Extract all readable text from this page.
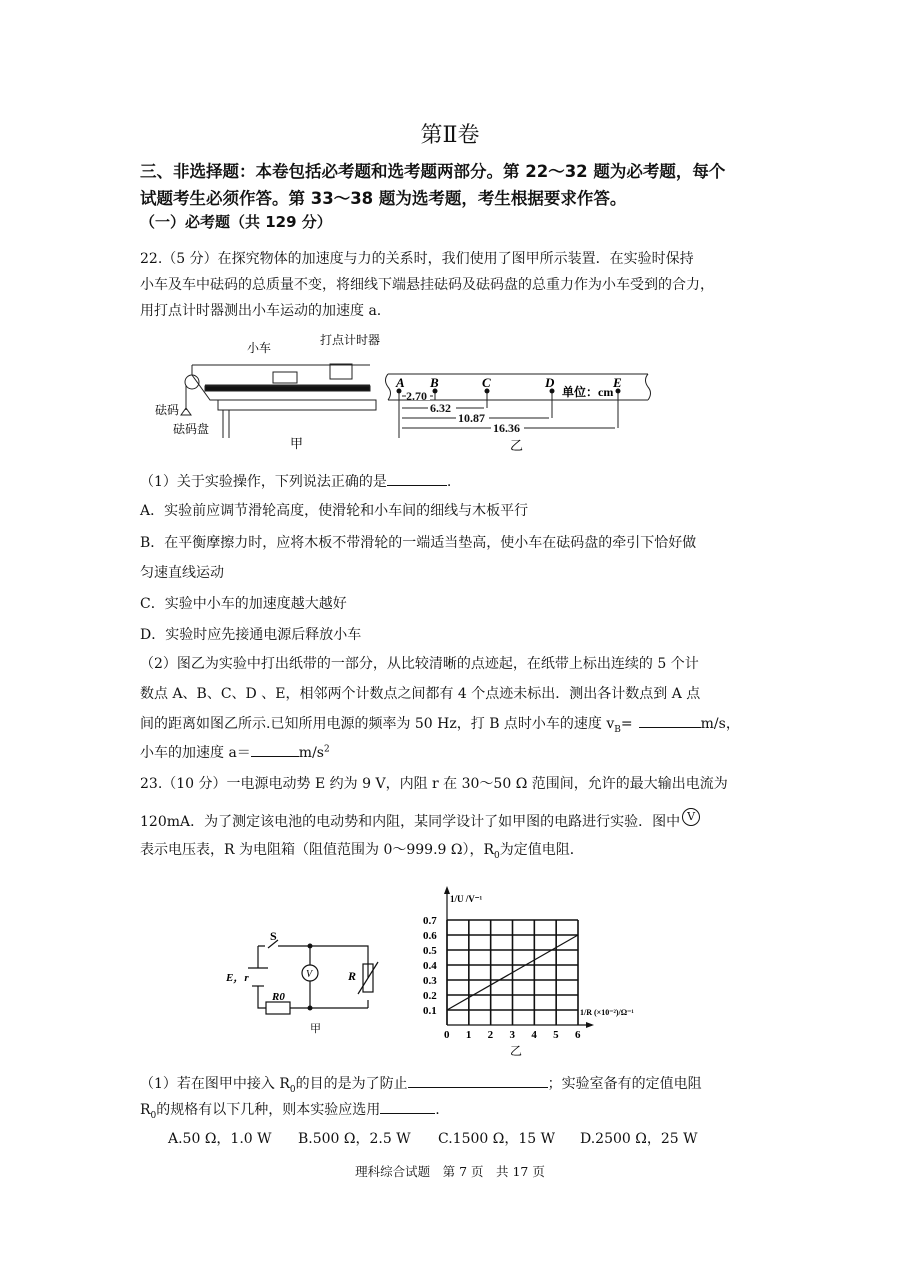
第Ⅱ卷
三、非选择题：本卷包括必考题和选考题两部分。第 22～32 题为必考题，每个
试题考生必须作答。第 33～38 题为选考题，考生根据要求作答。
（一）必考题（共 129 分）
22.（5 分）在探究物体的加速度与力的关系时，我们使用了图甲所示装置．在实验时保持
小车及车中砝码的总质量不变，将细线下端悬挂砝码及砝码盘的总重力作为小车受到的合力，
用打点计时器测出小车运动的加速度 a.
小车
打点计时器
砝码
砝码盘
甲
A B	C	D	E
单位：cm
2.70
6.32
10.87
16.36
乙
（1）关于实验操作，下列说法正确的是	.
A．实验前应调节滑轮高度，使滑轮和小车间的细线与木板平行
B．在平衡摩擦力时，应将木板不带滑轮的一端适当垫高，使小车在砝码盘的牵引下恰好做
匀速直线运动
C．实验中小车的加速度越大越好
D．实验时应先接通电源后释放小车
（2）图乙为实验中打出纸带的一部分，从比较清晰的点迹起，在纸带上标出连续的 5 个计
数点 A、B、C、D 、E，相邻两个计数点之间都有 4 个点迹未标出．测出各计数点到 A 点
间的距离如图乙所示.已知所用电源的频率为 50 Hz，打 B 点时小车的速度 $v_B=$	m/s，
小车的加速度 a＝	$m/s^2$
23.（10 分）一电源电动势 E 约为 9 V，内阻 r 在 30～50 Ω 范围间，允许的最大输出电流为
120mA．为了测定该电池的电动势和内阻，某同学设计了如甲图的电路进行实验．图中 V
表示电压表，R 为电阻箱（阻值范围为 0～999.9 Ω），$R_0$为定值电阻．
S
E，r
R0
V	R
甲	0 1 2 3 4 5 6
0.1
0.2
0.3
0.4
0.5
0.6
0.7
1/U /V⁻¹
1/R (×10⁻²)/Ω⁻¹
乙
（1）若在图甲中接入 $R_0$的目的是为了防止	；实验室备有的定值电阻
$R_0$的规格有以下几种，则本实验应选用	.
A.50 Ω，1.0 W B.500 Ω，2.5 W C.1500 Ω，15 W D.2500 Ω，25 W
理科综合试题　第 7 页　共 17 页
